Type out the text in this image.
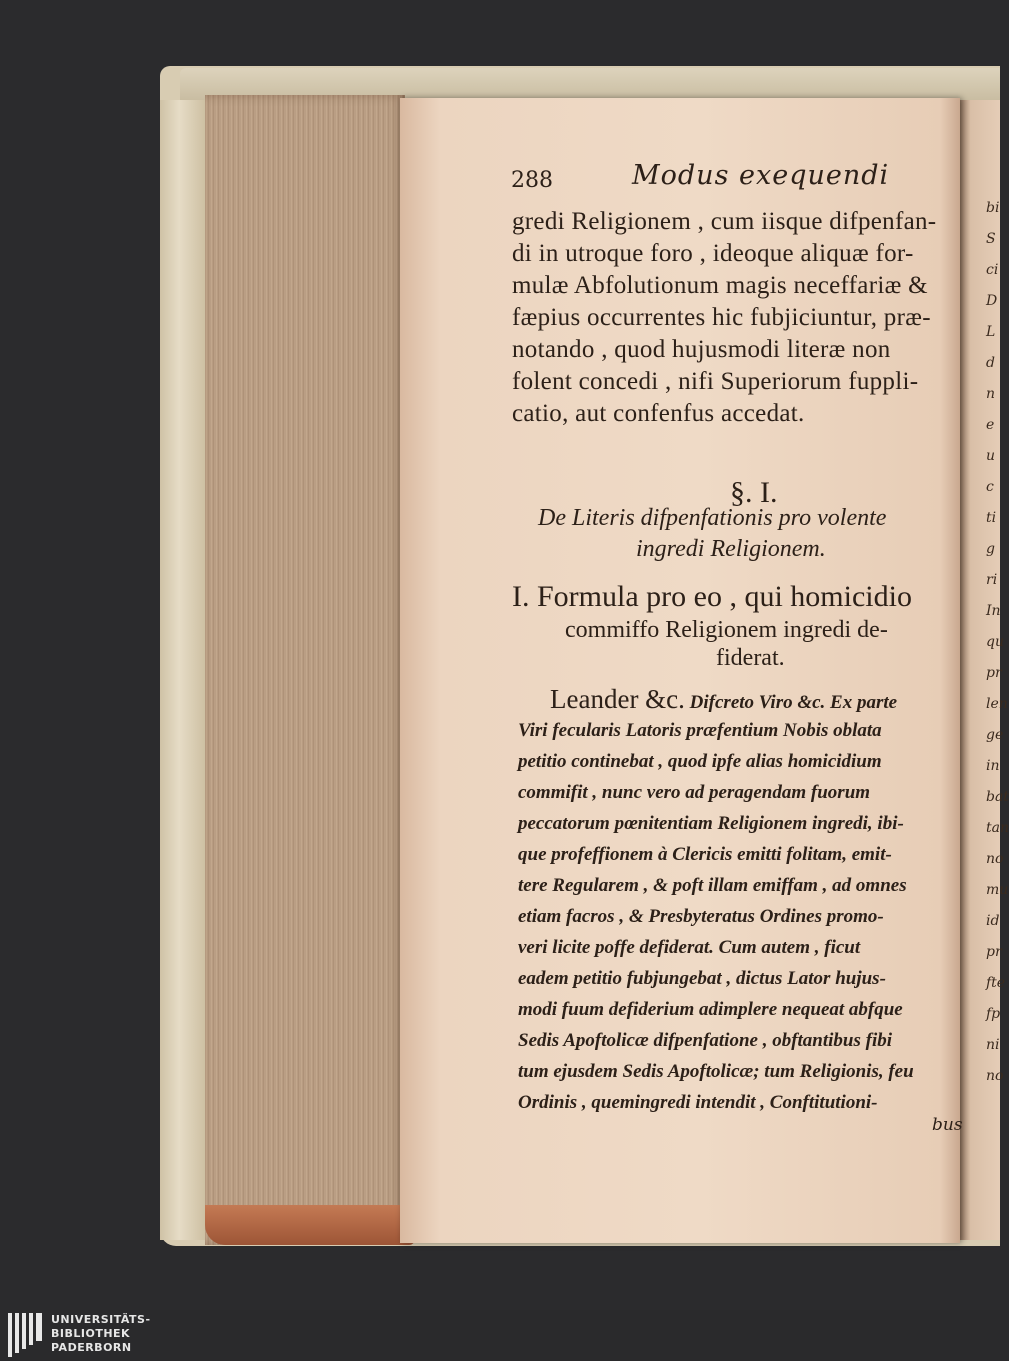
288	Modus exequendi
gredi Religionem , cum iisque difpenfan-
di in utroque foro , ideoque aliquæ for-
mulæ Abfolutionum magis neceffariæ &
fæpius occurrentes hic fubjiciuntur, præ-
notando , quod hujusmodi literæ non
folent concedi , nifi Superiorum fuppli-
catio, aut confenfus accedat.
§. I.
De Literis difpenfationis pro volente
ingredi Religionem.
I. Formula pro eo , qui homicidio
commiffo Religionem ingredi de-
fiderat.
Leander &c. Difcreto Viro &c. Ex parte
Viri fecularis Latoris præfentium Nobis oblata
petitio continebat , quod ipfe alias homicidium
commifit , nunc vero ad peragendam fuorum
peccatorum pœnitentiam Religionem ingredi, ibi-
que profeffionem à Clericis emitti folitam, emit-
tere Regularem , & poft illam emiffam , ad omnes
etiam facros , & Presbyteratus Ordines promo-
veri licite poffe defiderat. Cum autem , ficut
eadem petitio fubjungebat , dictus Lator hujus-
modi fuum defiderium adimplere nequeat abfque
Sedis Apoftolicæ difpenfatione , obftantibus fibi
tum ejusdem Sedis Apoftolicæ; tum Religionis, feu
Ordinis , quemingredi intendit , Conftitutioni-
bus
bi
S
ci
D
L
d
n
e
u
c
ti
g
ri
In
qu
pr
len
ge
in
bat
tan
no
mu
id
pr
fte
fp
ni
no
UNIVERSITÄTS-
BIBLIOTHEK
PADERBORN
